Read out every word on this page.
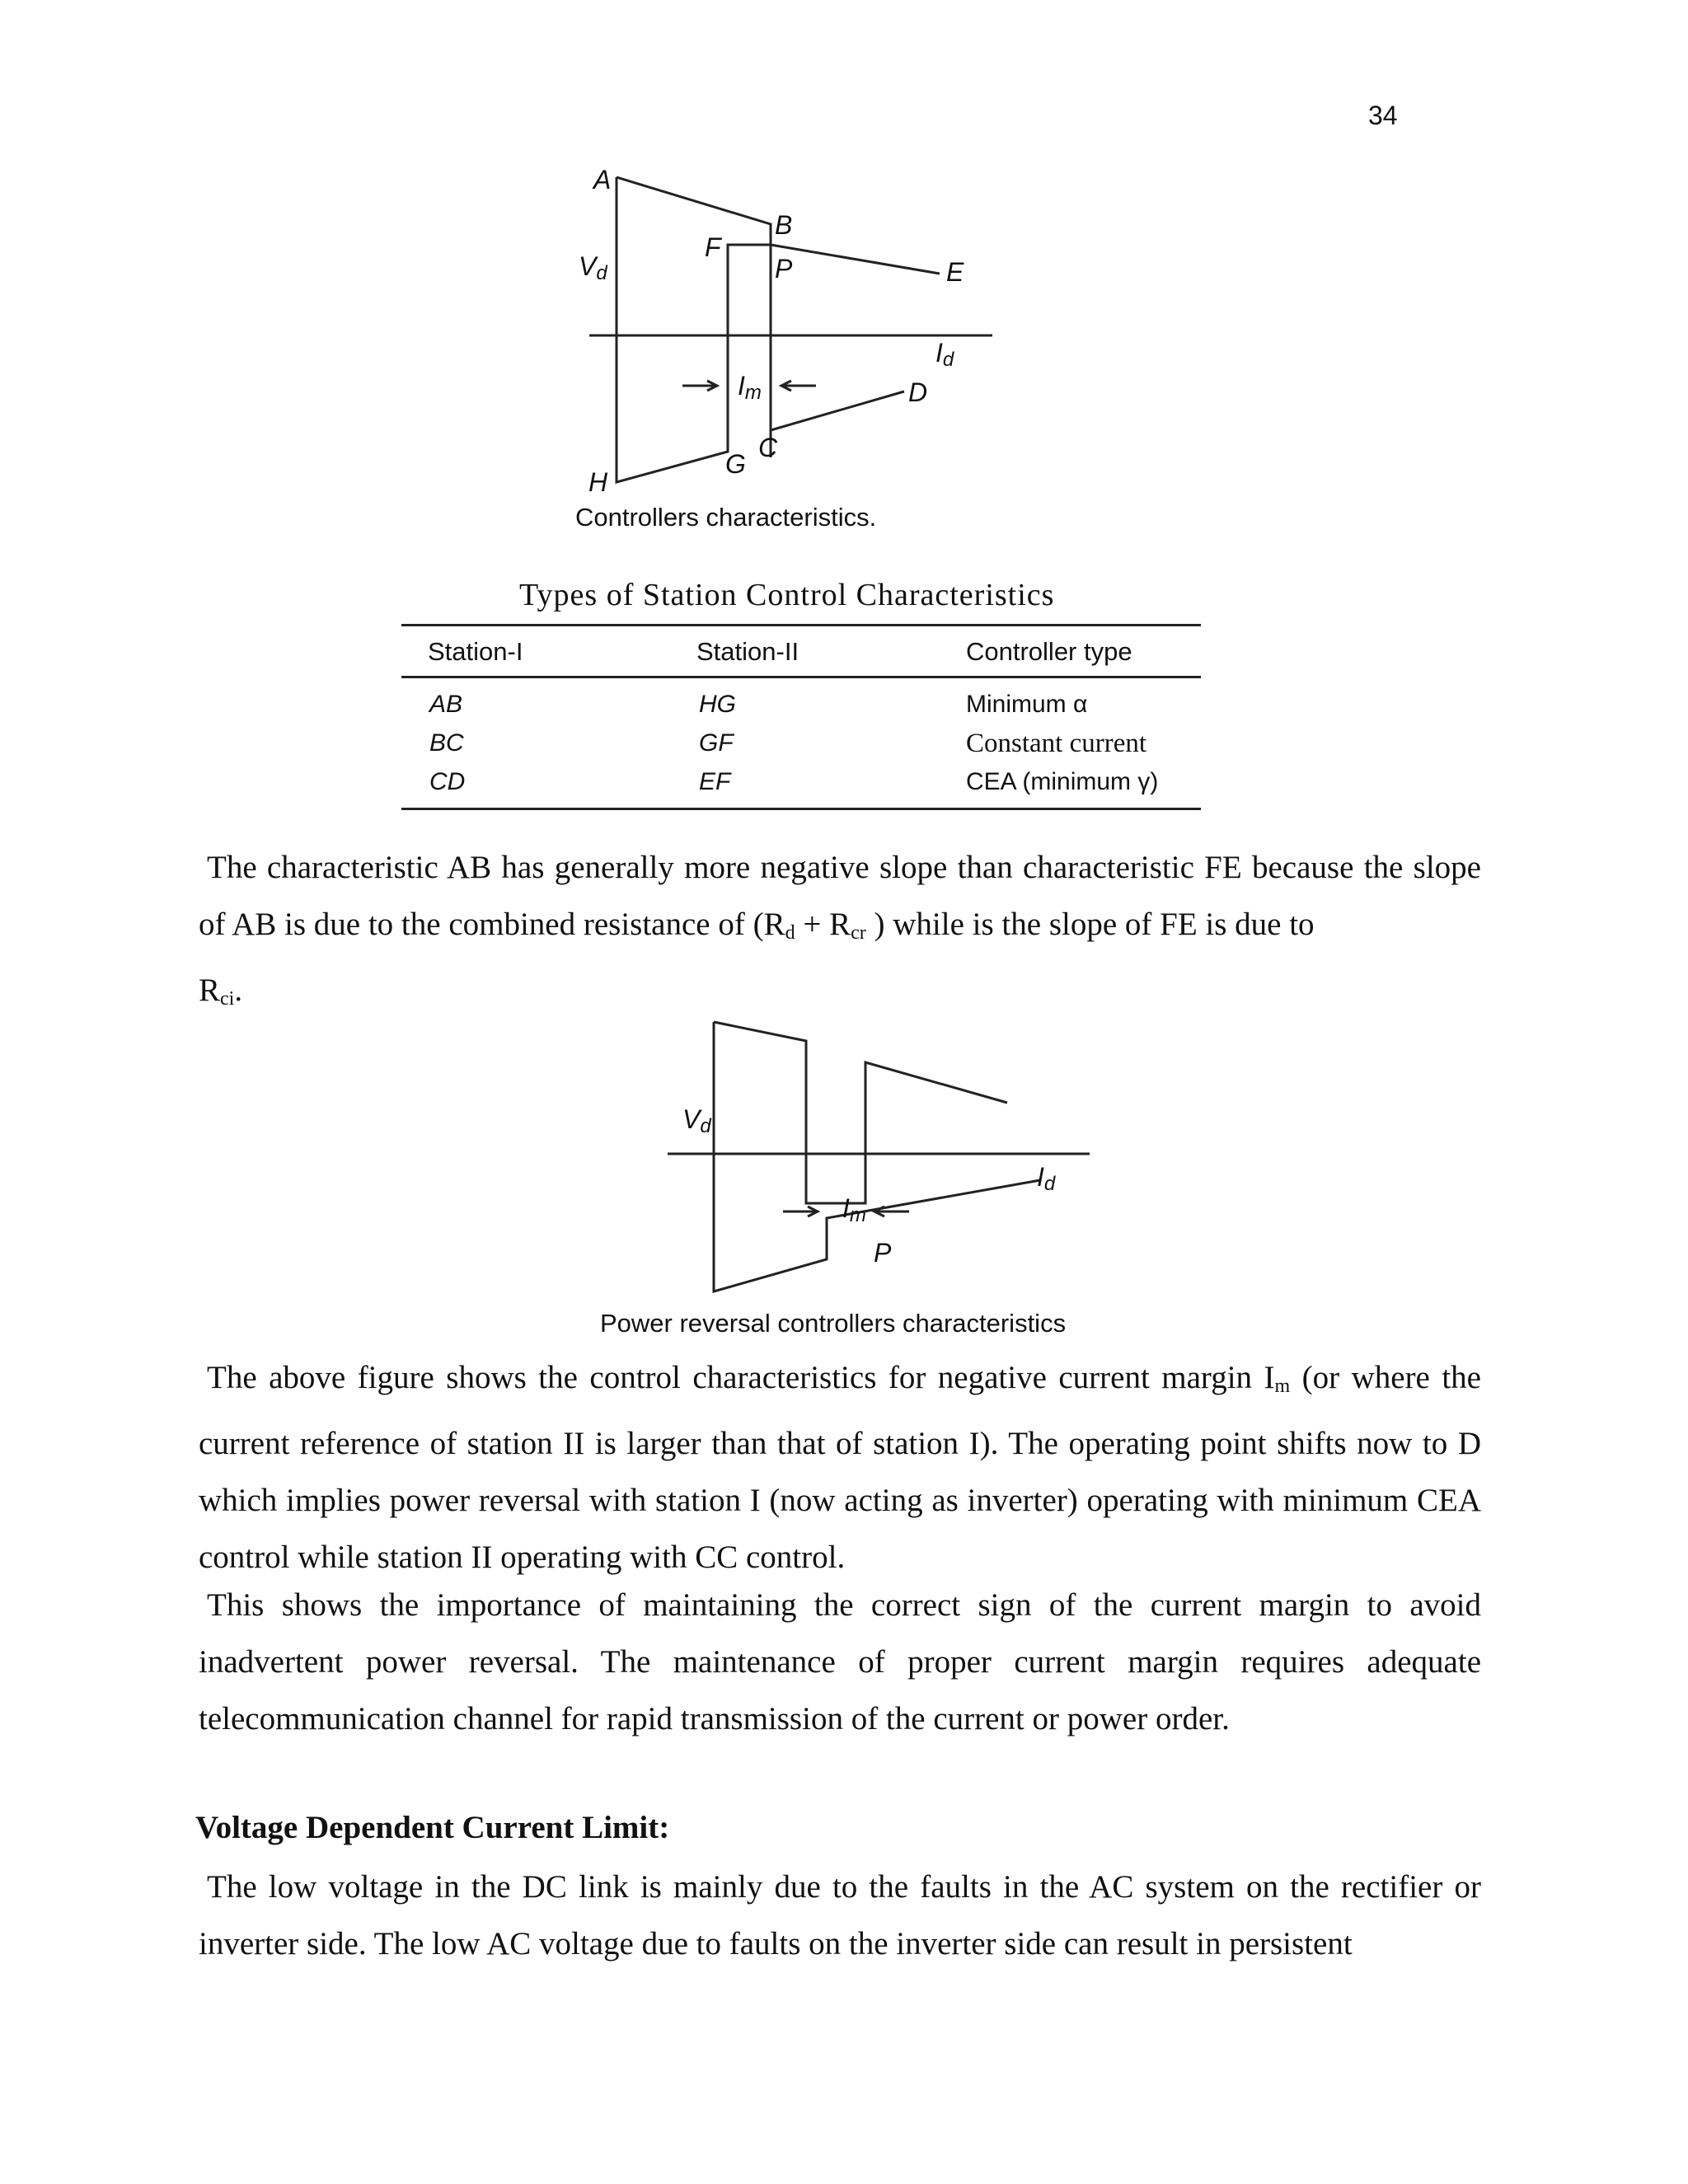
34
A
B
F
P	E
$V_d$
$I_d$
$I_m$	D
C
G
H
Controllers characteristics.
Types of Station Control Characteristics
Station-I	Station-II	Controller type
AB	HG	Minimum α
BC	GF	Constant current
CD	EF	CEA (minimum γ)

The characteristic AB has generally more negative slope than characteristic FE because the slope of AB is due to the combined resistance of ($R_d + R_{cr}$ ) while is the slope of FE is due to

$R_{ci}$.

$V_d$
$I_d$
$I_m$
P
Power reversal controllers characteristics

The above figure shows the control characteristics for negative current margin $I_m$ (or where the current reference of station II is larger than that of station I). The operating point shifts now to D which implies power reversal with station I (now acting as inverter) operating with minimum CEA control while station II operating with CC control.

This shows the importance of maintaining the correct sign of the current margin to avoid inadvertent power reversal. The maintenance of proper current margin requires adequate telecommunication channel for rapid transmission of the current or power order.

Voltage Dependent Current Limit:

The low voltage in the DC link is mainly due to the faults in the AC system on the rectifier or inverter side. The low AC voltage due to faults on the inverter side can result in persistent
